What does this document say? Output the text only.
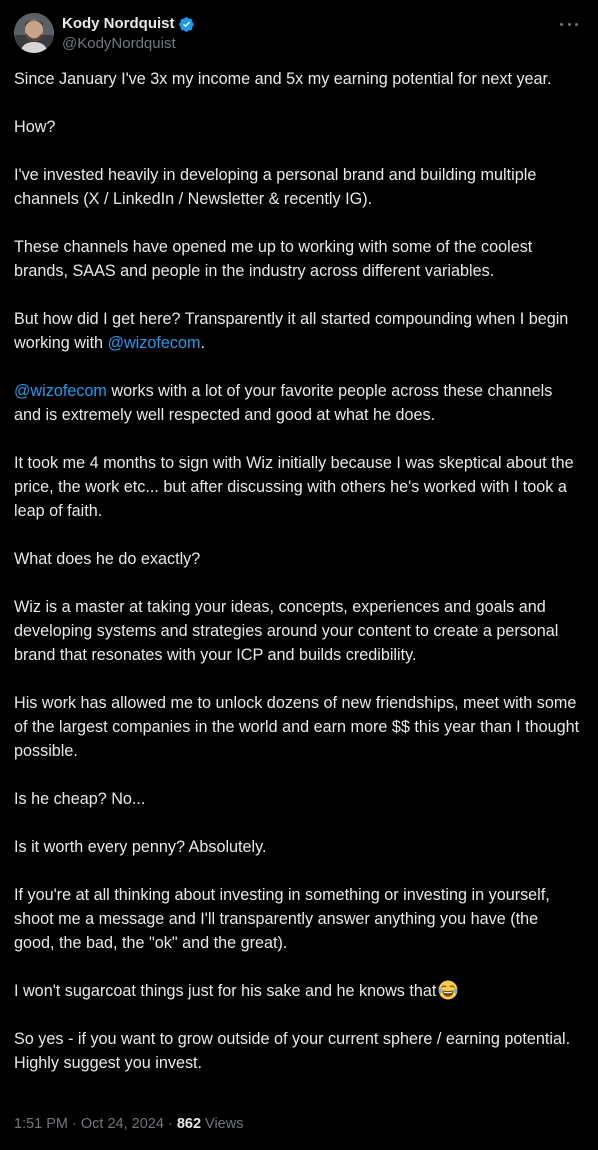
Kody Nordquist
@KodyNordquist

Since January I've 3x my income and 5x my earning potential for next year.

How?

I've invested heavily in developing a personal brand and building multiple channels (X / LinkedIn / Newsletter & recently IG).

These channels have opened me up to working with some of the coolest brands, SAAS and people in the industry across different variables.

But how did I get here? Transparently it all started compounding when I begin working with @wizofecom.

@wizofecom works with a lot of your favorite people across these channels and is extremely well respected and good at what he does.

It took me 4 months to sign with Wiz initially because I was skeptical about the price, the work etc... but after discussing with others he's worked with I took a leap of faith.

What does he do exactly?

Wiz is a master at taking your ideas, concepts, experiences and goals and developing systems and strategies around your content to create a personal brand that resonates with your ICP and builds credibility.

His work has allowed me to unlock dozens of new friendships, meet with some of the largest companies in the world and earn more $$ this year than I thought possible.

Is he cheap? No...

Is it worth every penny? Absolutely.

If you're at all thinking about investing in something or investing in yourself, shoot me a message and I'll transparently answer anything you have (the good, the bad, the "ok" and the great).

I won't sugarcoat things just for his sake and he knows that

So yes - if you want to grow outside of your current sphere / earning potential. Highly suggest you invest.

1:51 PM · Oct 24, 2024 · 862 Views
